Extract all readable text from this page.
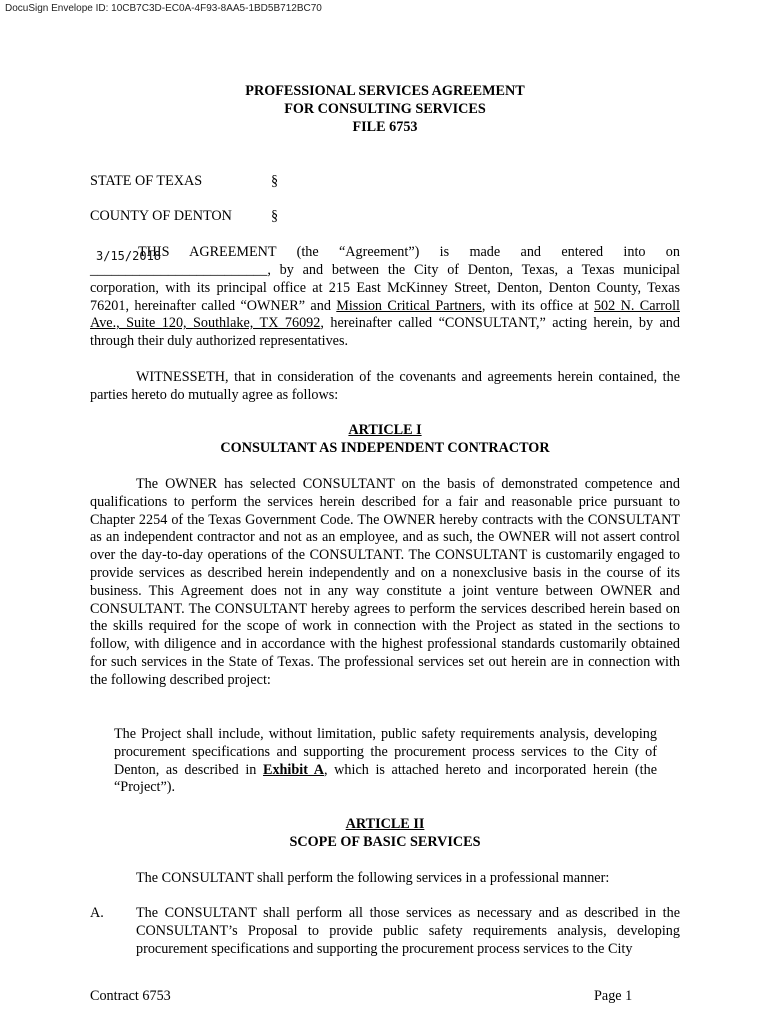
DocuSign Envelope ID: 10CB7C3D-EC0A-4F93-8AA5-1BD5B712BC70
PROFESSIONAL SERVICES AGREEMENT
FOR CONSULTING SERVICES
FILE 6753
STATE OF TEXAS	§
COUNTY OF DENTON	§
THIS AGREEMENT (the “Agreement”) is made and entered into on
3/15/2018
_________________________, by and between the City of Denton, Texas, a Texas municipal corporation, with its principal office at 215 East McKinney Street, Denton, Denton County, Texas 76201, hereinafter called “OWNER” and Mission Critical Partners, with its office at 502 N. Carroll Ave., Suite 120, Southlake, TX 76092, hereinafter called “CONSULTANT,” acting herein, by and through their duly authorized representatives.
WITNESSETH, that in consideration of the covenants and agreements herein contained, the parties hereto do mutually agree as follows:
ARTICLE I
CONSULTANT AS INDEPENDENT CONTRACTOR
The OWNER has selected CONSULTANT on the basis of demonstrated competence and qualifications to perform the services herein described for a fair and reasonable price pursuant to Chapter 2254 of the Texas Government Code. The OWNER hereby contracts with the CONSULTANT as an independent contractor and not as an employee, and as such, the OWNER will not assert control over the day-to-day operations of the CONSULTANT. The CONSULTANT is customarily engaged to provide services as described herein independently and on a nonexclusive basis in the course of its business. This Agreement does not in any way constitute a joint venture between OWNER and CONSULTANT. The CONSULTANT hereby agrees to perform the services described herein based on the skills required for the scope of work in connection with the Project as stated in the sections to follow, with diligence and in accordance with the highest professional standards customarily obtained for such services in the State of Texas. The professional services set out herein are in connection with the following described project:
The Project shall include, without limitation, public safety requirements analysis, developing procurement specifications and supporting the procurement process services to the City of Denton, as described in Exhibit A, which is attached hereto and incorporated herein (the “Project”).
ARTICLE II
SCOPE OF BASIC SERVICES
The CONSULTANT shall perform the following services in a professional manner:
A. The CONSULTANT shall perform all those services as necessary and as described in the CONSULTANT’s Proposal to provide public safety requirements analysis, developing procurement specifications and supporting the procurement process services to the City
Contract 6753	Page 1
